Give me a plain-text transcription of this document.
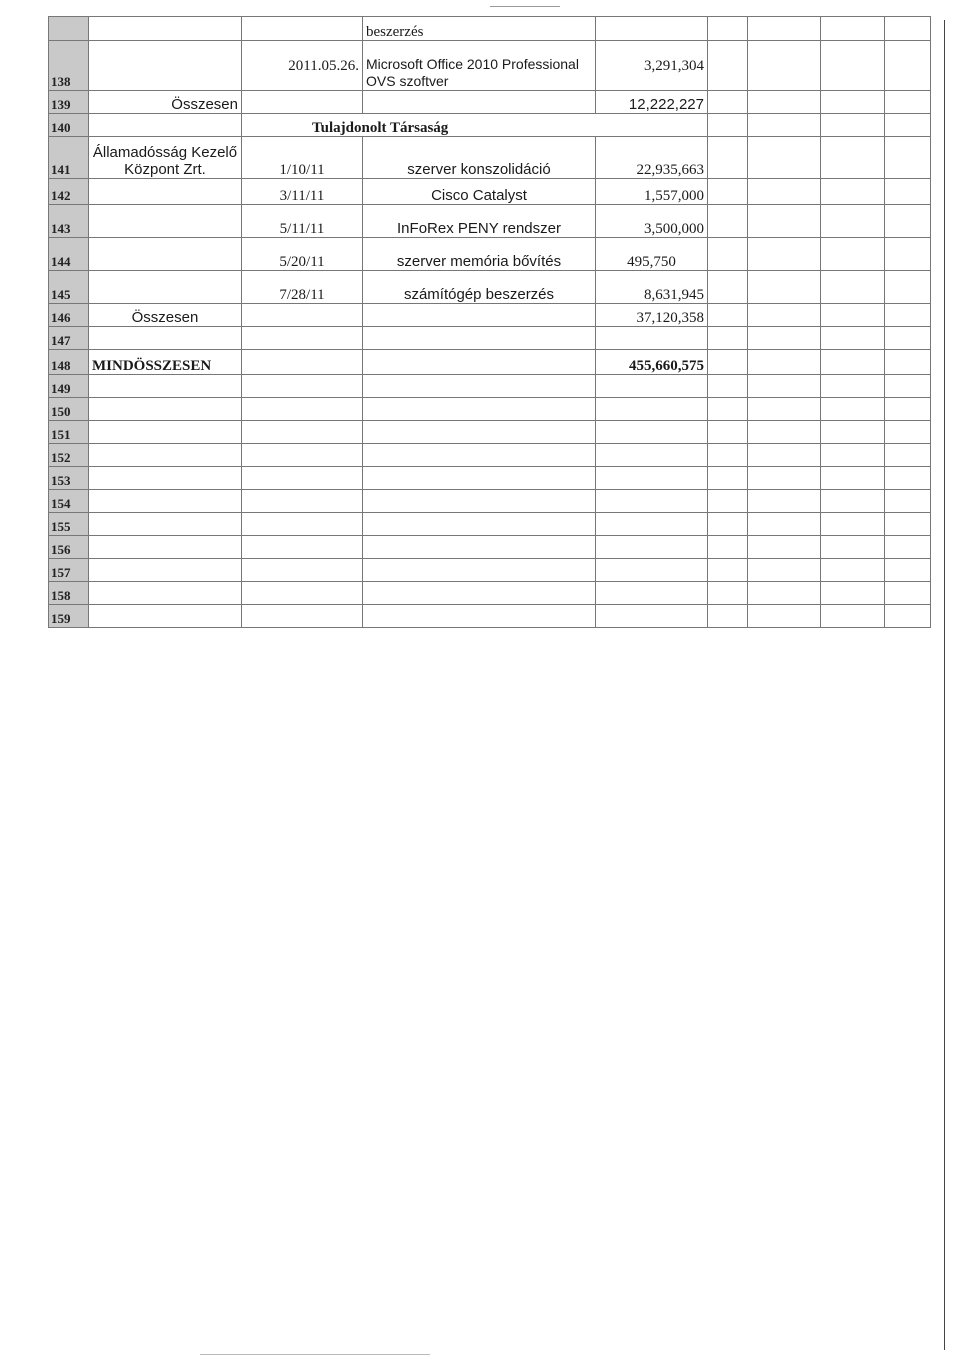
			beszerzés					
138		2011.05.26.	Microsoft Office 2010 Professional OVS szoftver	3,291,304				
139	Összesen			12,222,227				
140		Tulajdonolt Társaság						
141	Államadósság Kezelő Központ Zrt.	1/10/11	szerver konszolidáció	22,935,663				
142		3/11/11	Cisco Catalyst	1,557,000				
143		5/11/11	InFoRex PENY rendszer	3,500,000				
144		5/20/11	szerver memória bővítés	495,750				
145		7/28/11	számítógép beszerzés	8,631,945				
146	Összesen			37,120,358				
147								
148	MINDÖSSZESEN			455,660,575				
149								
150								
151								
152								
153								
154								
155								
156								
157								
158								
159								
